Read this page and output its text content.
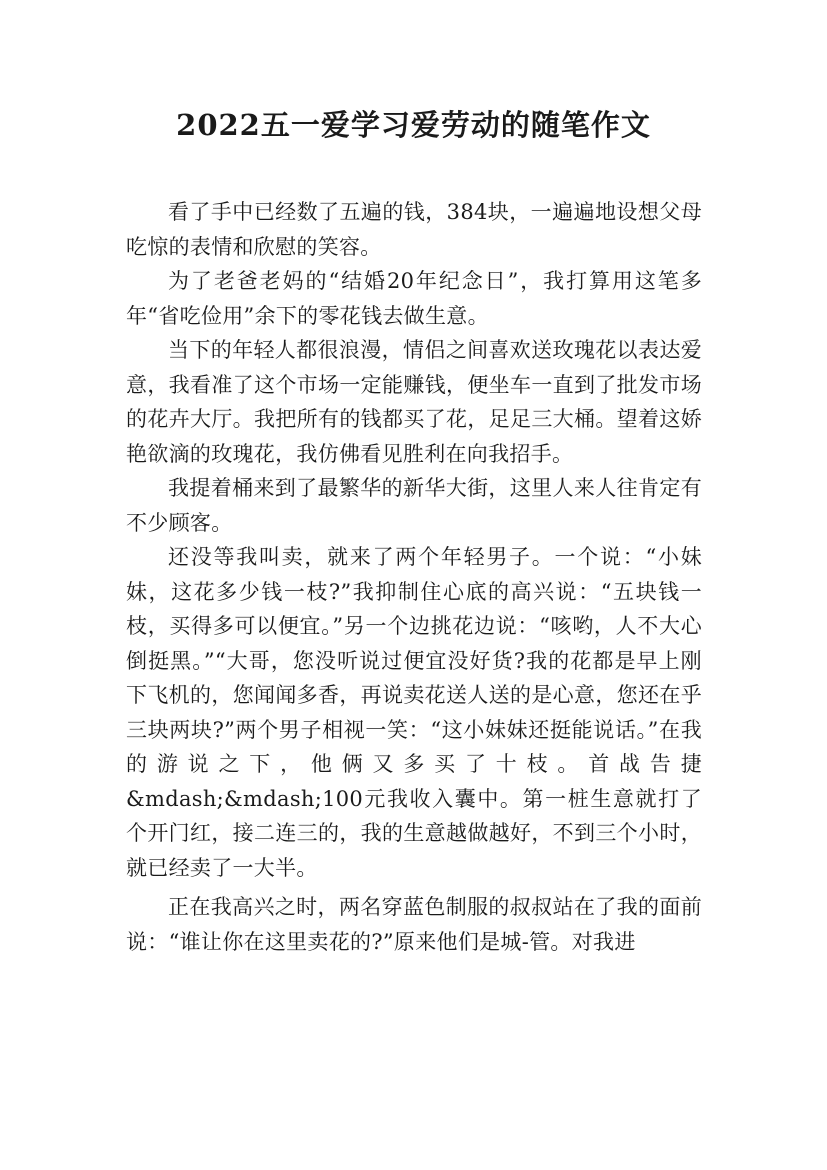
2022五一爱学习爱劳动的随笔作文

看了手中已经数了五遍的钱，384块，一遍遍地设想父母吃惊的表情和欣慰的笑容。

为了老爸老妈的“结婚20年纪念日”，我打算用这笔多年“省吃俭用”余下的零花钱去做生意。

当下的年轻人都很浪漫，情侣之间喜欢送玫瑰花以表达爱意，我看准了这个市场一定能赚钱，便坐车一直到了批发市场的花卉大厅。我把所有的钱都买了花，足足三大桶。望着这娇艳欲滴的玫瑰花，我仿佛看见胜利在向我招手。

我提着桶来到了最繁华的新华大街，这里人来人往肯定有不少顾客。

还没等我叫卖，就来了两个年轻男子。一个说：“小妹妹，这花多少钱一枝?”我抑制住心底的高兴说：“五块钱一枝，买得多可以便宜。”另一个边挑花边说：“咳哟，人不大心倒挺黑。”“大哥，您没听说过便宜没好货?我的花都是早上刚下飞机的，您闻闻多香，再说卖花送人送的是心意，您还在乎三块两块?”两个男子相视一笑：“这小妹妹还挺能说话。”在我的游说之下，他俩又多买了十枝。首战告捷&mdash;&mdash;100元我收入囊中。第一桩生意就打了个开门红，接二连三的，我的生意越做越好，不到三个小时，就已经卖了一大半。

正在我高兴之时，两名穿蓝色制服的叔叔站在了我的面前说：“谁让你在这里卖花的?”原来他们是城-管。对我进
